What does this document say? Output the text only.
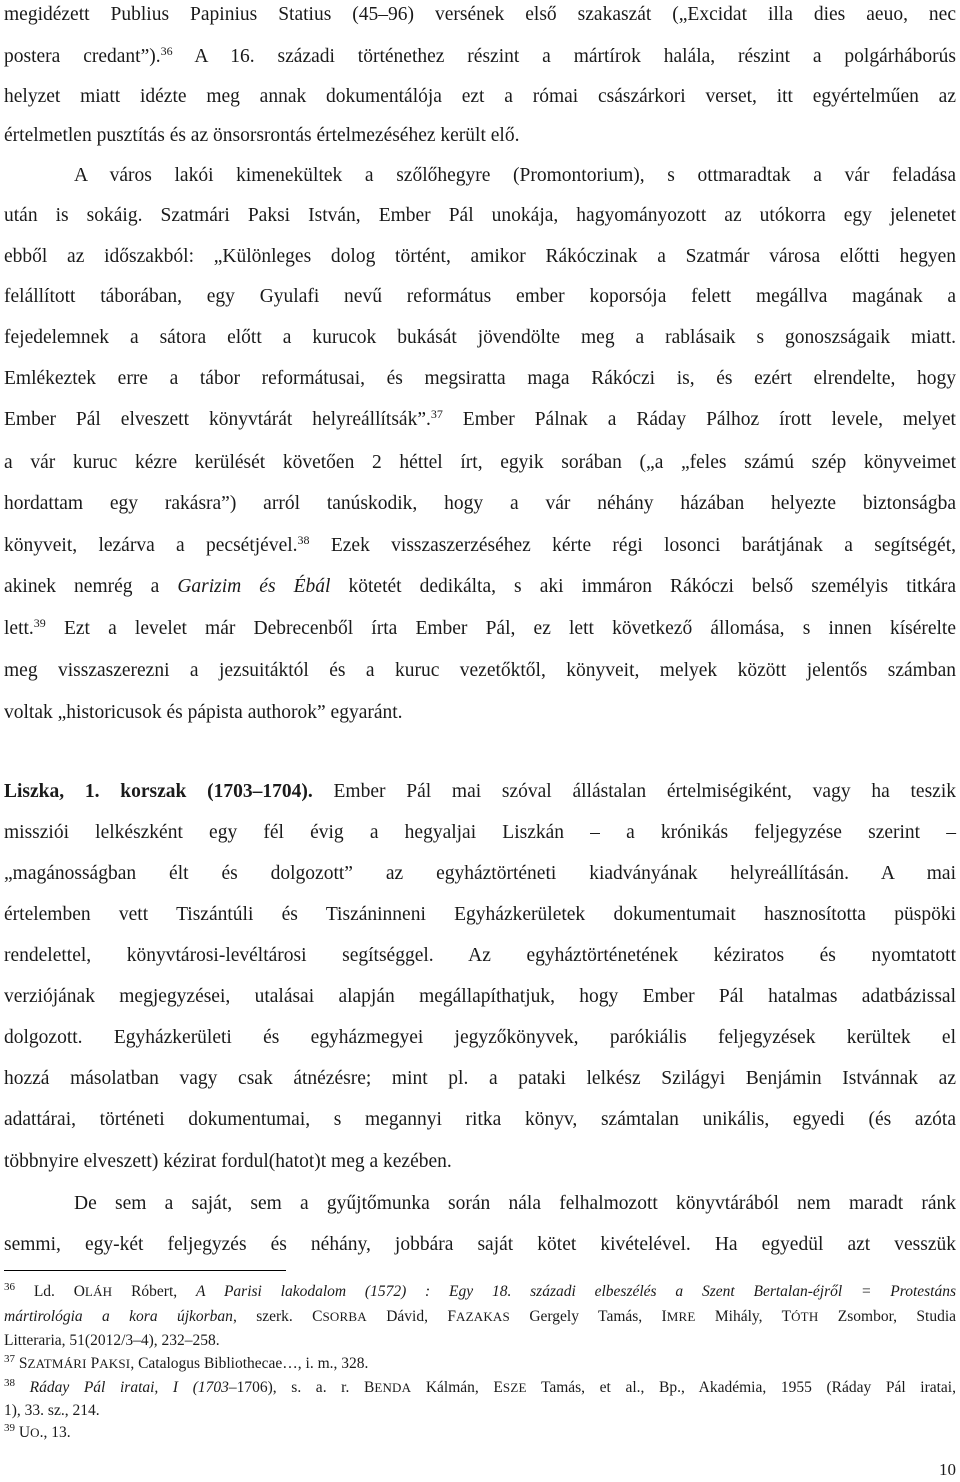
megidézett Publius Papinius Statius (45–96) versének első szakaszát („Excidat illa dies aeuo, nec
postera credant”).$^{36}$ A 16. századi történethez részint a mártírok halála, részint a polgárháborús
helyzet miatt idézte meg annak dokumentálója ezt a római császárkori verset, itt egyértelműen az
értelmetlen pusztítás és az önsorsrontás értelmezéséhez került elő.
A város lakói kimenekültek a szőlőhegyre (Promontorium), s ottmaradtak a vár feladása
után is sokáig. Szatmári Paksi István, Ember Pál unokája, hagyományozott az utókorra egy jelenetet
ebből az időszakból: „Különleges dolog történt, amikor Rákóczinak a Szatmár városa előtti hegyen
felállított táborában, egy Gyulafi nevű református ember koporsója felett megállva magának a
fejedelemnek a sátora előtt a kurucok bukását jövendölte meg a rablásaik s gonoszságaik miatt.
Emlékeztek erre a tábor reformátusai, és megsiratta maga Rákóczi is, és ezért elrendelte, hogy
Ember Pál elveszett könyvtárát helyreállítsák”.$^{37}$ Ember Pálnak a Ráday Pálhoz írott levele, melyet
a vár kuruc kézre kerülését követően 2 héttel írt, egyik sorában („a „feles számú szép könyveimet
hordattam egy rakásra”) arról tanúskodik, hogy a vár néhány házában helyezte biztonságba
könyveit, lezárva a pecsétjével.$^{38}$ Ezek visszaszerzéséhez kérte régi losonci barátjának a segítségét,
akinek nemrég a Garizim és Ébál kötetét dedikálta, s aki immáron Rákóczi belső személyis titkára
lett.$^{39}$ Ezt a levelet már Debrecenből írta Ember Pál, ez lett következő állomása, s innen kísérelte
meg visszaszerezni a jezsuitáktól és a kuruc vezetőktől, könyveit, melyek között jelentős számban
voltak „historicusok és pápista authorok” egyaránt.
Liszka, 1. korszak (1703–1704). Ember Pál mai szóval állástalan értelmiségiként, vagy ha teszik
missziói lelkészként egy fél évig a hegyaljai Liszkán – a krónikás feljegyzése szerint –
„magánosságban élt és dolgozott” az egyháztörténeti kiadványának helyreállításán. A mai
értelemben vett Tiszántúli és Tiszáninneni Egyházkerületek dokumentumait hasznosította püspöki
rendelettel, könyvtárosi-levéltárosi segítséggel. Az egyháztörténetének kéziratos és nyomtatott
verziójának megjegyzései, utalásai alapján megállapíthatjuk, hogy Ember Pál hatalmas adatbázissal
dolgozott. Egyházkerületi és egyházmegyei jegyzőkönyvek, parókiális feljegyzések kerültek el
hozzá másolatban vagy csak átnézésre; mint pl. a pataki lelkész Szilágyi Benjámin Istvánnak az
adattárai, történeti dokumentumai, s megannyi ritka könyv, számtalan unikális, egyedi (és azóta
többnyire elveszett) kézirat fordul(hatot)t meg a kezében.
De sem a saját, sem a gyűjtőmunka során nála felhalmozott könyvtárából nem maradt ránk
semmi, egy-két feljegyzés és néhány, jobbára saját kötet kivételével. Ha egyedül azt vesszük
$^{36}$ Ld. OLÁH Róbert, A Parisi lakodalom (1572) : Egy 18. századi elbeszélés a Szent Bertalan-éjről = Protestáns
mártirológia a kora újkorban, szerk. CSORBA Dávid, FAZAKAS Gergely Tamás, IMRE Mihály, TÓTH Zsombor, Studia
Litteraria, 51(2012/3–4), 232–258.
$^{37}$ SZATMÁRI PAKSI, Catalogus Bibliothecae…, i. m., 328.
$^{38}$ Ráday Pál iratai, I (1703–1706), s. a. r. BENDA Kálmán, ESZE Tamás, et al., Bp., Akadémia, 1955 (Ráday Pál iratai,
1), 33. sz., 214.
$^{39}$ UO., 13.
10
